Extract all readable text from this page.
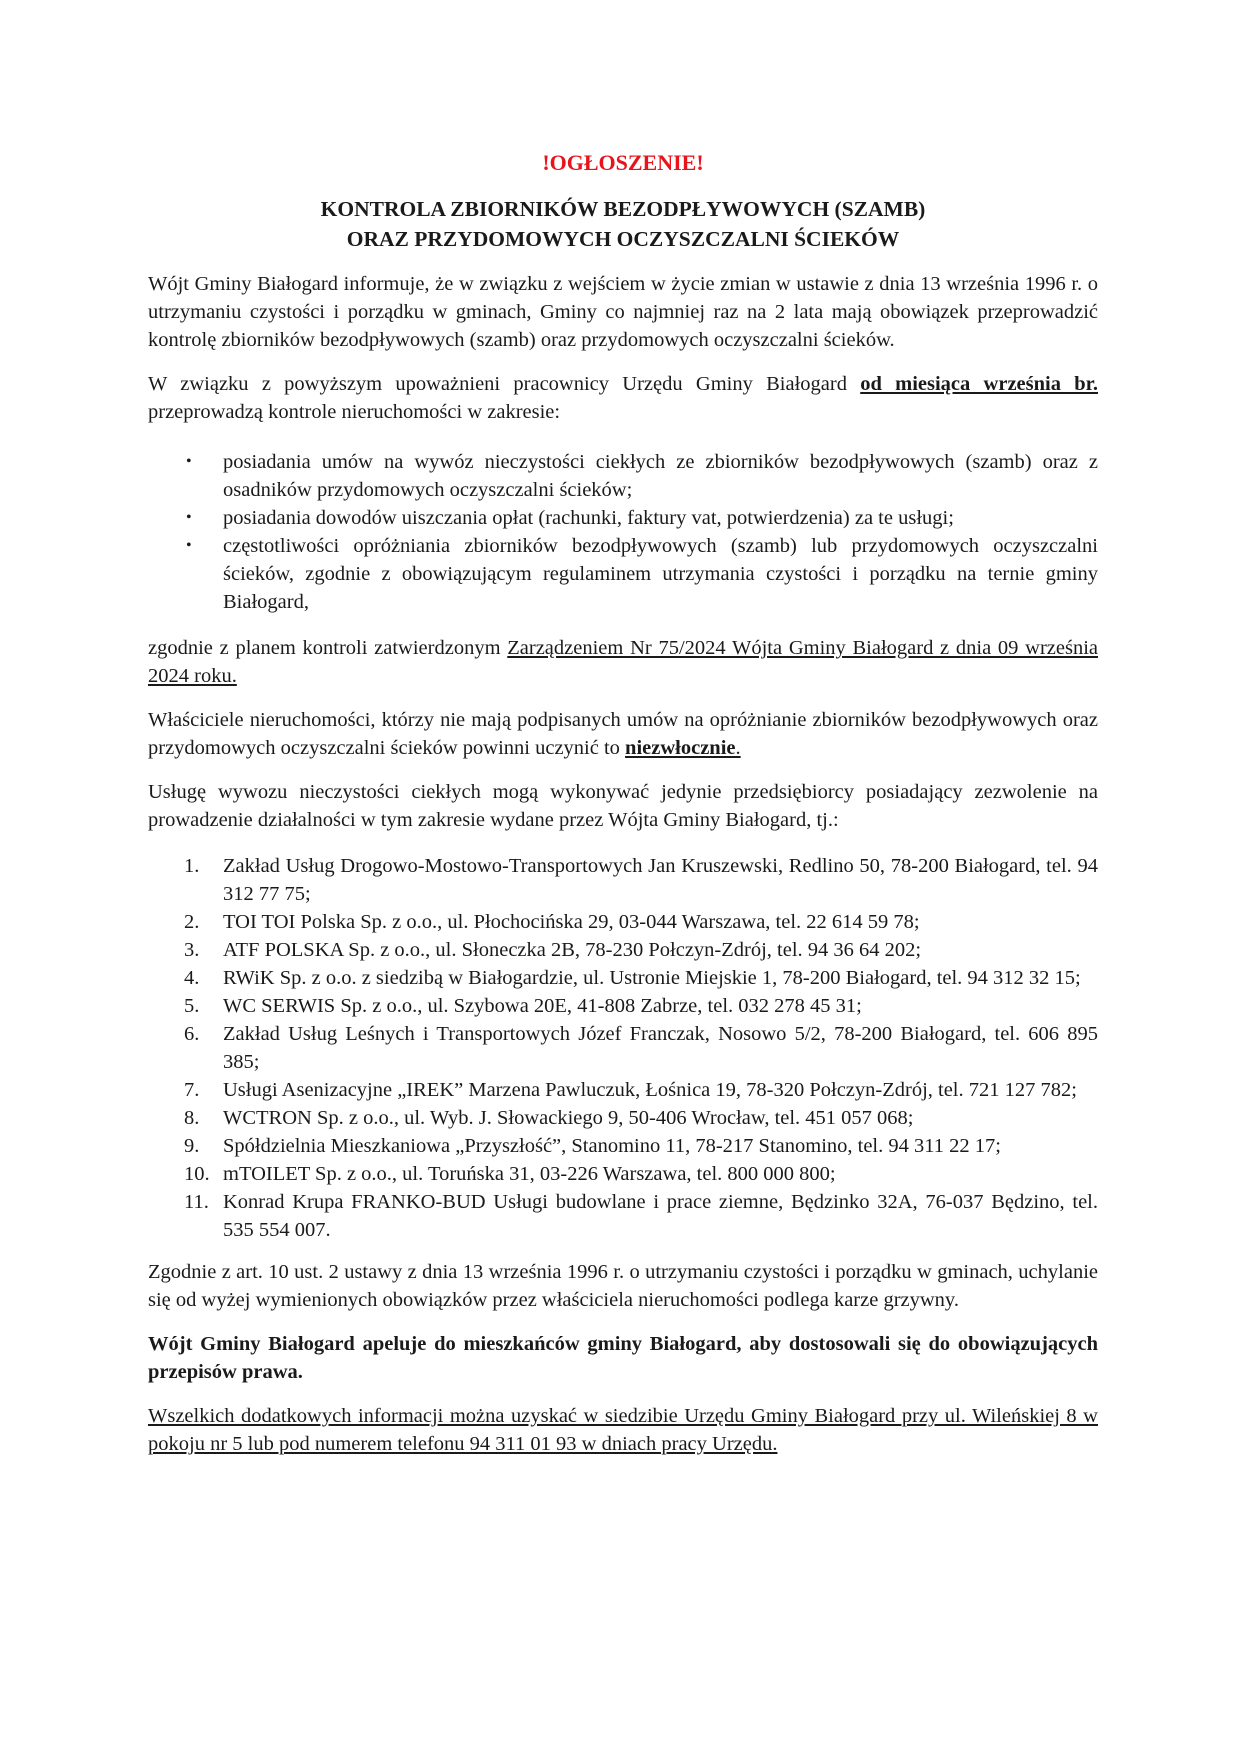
!OGŁOSZENIE!
KONTROLA ZBIORNIKÓW BEZODPŁYWOWYCH (SZAMB)
ORAZ PRZYDOMOWYCH OCZYSZCZALNI ŚCIEKÓW

Wójt Gminy Białogard informuje, że w związku z wejściem w życie zmian w ustawie z dnia 13 września 1996 r. o utrzymaniu czystości i porządku w gminach, Gminy co najmniej raz na 2 lata mają obowiązek przeprowadzić kontrolę zbiorników bezodpływowych (szamb) oraz przydomowych oczyszczalni ścieków.

W związku z powyższym upoważnieni pracownicy Urzędu Gminy Białogard od miesiąca września br. przeprowadzą kontrole nieruchomości w zakresie:

• posiadania umów na wywóz nieczystości ciekłych ze zbiorników bezodpływowych (szamb) oraz z osadników przydomowych oczyszczalni ścieków;
• posiadania dowodów uiszczania opłat (rachunki, faktury vat, potwierdzenia) za te usługi;
• częstotliwości opróżniania zbiorników bezodpływowych (szamb) lub przydomowych oczyszczalni ścieków, zgodnie z obowiązującym regulaminem utrzymania czystości i porządku na ternie gminy Białogard,

zgodnie z planem kontroli zatwierdzonym Zarządzeniem Nr 75/2024 Wójta Gminy Białogard z dnia 09 września 2024 roku.

Właściciele nieruchomości, którzy nie mają podpisanych umów na opróżnianie zbiorników bezodpływowych oraz przydomowych oczyszczalni ścieków powinni uczynić to niezwłocznie.

Usługę wywozu nieczystości ciekłych mogą wykonywać jedynie przedsiębiorcy posiadający zezwolenie na prowadzenie działalności w tym zakresie wydane przez Wójta Gminy Białogard, tj.:

1. Zakład Usług Drogowo-Mostowo-Transportowych Jan Kruszewski, Redlino 50, 78-200 Białogard, tel. 94 312 77 75;
2. TOI TOI Polska Sp. z o.o., ul. Płochocińska 29, 03-044 Warszawa, tel. 22 614 59 78;
3. ATF POLSKA Sp. z o.o., ul. Słoneczka 2B, 78-230 Połczyn-Zdrój, tel. 94 36 64 202;
4. RWiK Sp. z o.o. z siedzibą w Białogardzie, ul. Ustronie Miejskie 1, 78-200 Białogard, tel. 94 312 32 15;
5. WC SERWIS Sp. z o.o., ul. Szybowa 20E, 41-808 Zabrze, tel. 032 278 45 31;
6. Zakład Usług Leśnych i Transportowych Józef Franczak, Nosowo 5/2, 78-200 Białogard, tel. 606 895 385;
7. Usługi Asenizacyjne „IREK” Marzena Pawluczuk, Łośnica 19, 78-320 Połczyn-Zdrój, tel. 721 127 782;
8. WCTRON Sp. z o.o., ul. Wyb. J. Słowackiego 9, 50-406 Wrocław, tel. 451 057 068;
9. Spółdzielnia Mieszkaniowa „Przyszłość”, Stanomino 11, 78-217 Stanomino, tel. 94 311 22 17;
10. mTOILET Sp. z o.o., ul. Toruńska 31, 03-226 Warszawa, tel. 800 000 800;
11. Konrad Krupa FRANKO-BUD Usługi budowlane i prace ziemne, Będzinko 32A, 76-037 Będzino, tel. 535 554 007.

Zgodnie z art. 10 ust. 2 ustawy z dnia 13 września 1996 r. o utrzymaniu czystości i porządku w gminach, uchylanie się od wyżej wymienionych obowiązków przez właściciela nieruchomości podlega karze grzywny.

Wójt Gminy Białogard apeluje do mieszkańców gminy Białogard, aby dostosowali się do obowiązujących przepisów prawa.

Wszelkich dodatkowych informacji można uzyskać w siedzibie Urzędu Gminy Białogard przy ul. Wileńskiej 8 w pokoju nr 5 lub pod numerem telefonu 94 311 01 93 w dniach pracy Urzędu.
